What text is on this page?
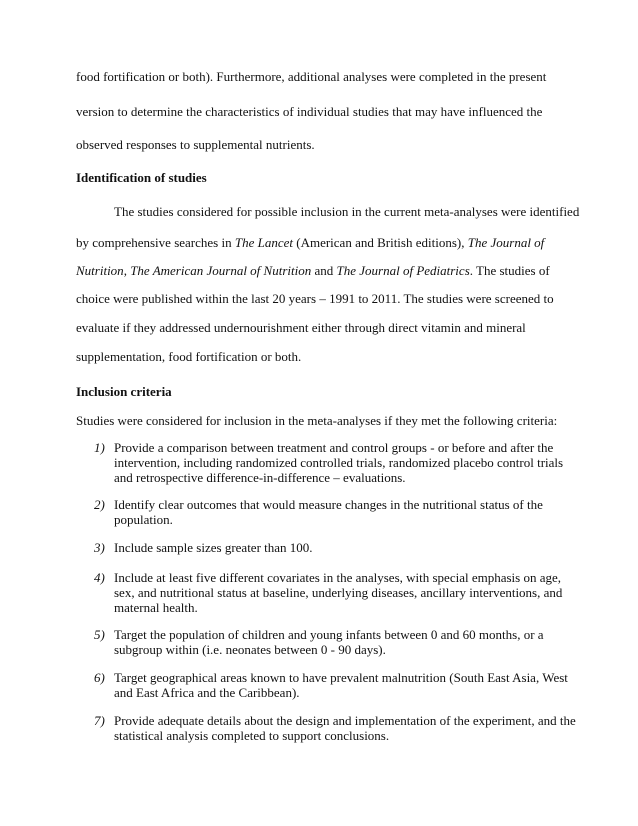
food fortification or both). Furthermore, additional analyses were completed in the present
version to determine the characteristics of individual studies that may have influenced the
observed responses to supplemental nutrients.
Identification of studies
The studies considered for possible inclusion in the current meta-analyses were identified
by comprehensive searches in The Lancet (American and British editions), The Journal of
Nutrition, The American Journal of Nutrition and The Journal of Pediatrics. The studies of
choice were published within the last 20 years – 1991 to 2011. The studies were screened to
evaluate if they addressed undernourishment either through direct vitamin and mineral
supplementation, food fortification or both.
Inclusion criteria
Studies were considered for inclusion in the meta-analyses if they met the following criteria:
1) Provide a comparison between treatment and control groups - or before and after the
intervention, including randomized controlled trials, randomized placebo control trials
and retrospective difference-in-difference – evaluations.
2) Identify clear outcomes that would measure changes in the nutritional status of the
population.
3) Include sample sizes greater than 100.
4) Include at least five different covariates in the analyses, with special emphasis on age,
sex, and nutritional status at baseline, underlying diseases, ancillary interventions, and
maternal health.
5) Target the population of children and young infants between 0 and 60 months, or a
subgroup within (i.e. neonates between 0 - 90 days).
6) Target geographical areas known to have prevalent malnutrition (South East Asia, West
and East Africa and the Caribbean).
7) Provide adequate details about the design and implementation of the experiment, and the
statistical analysis completed to support conclusions.
